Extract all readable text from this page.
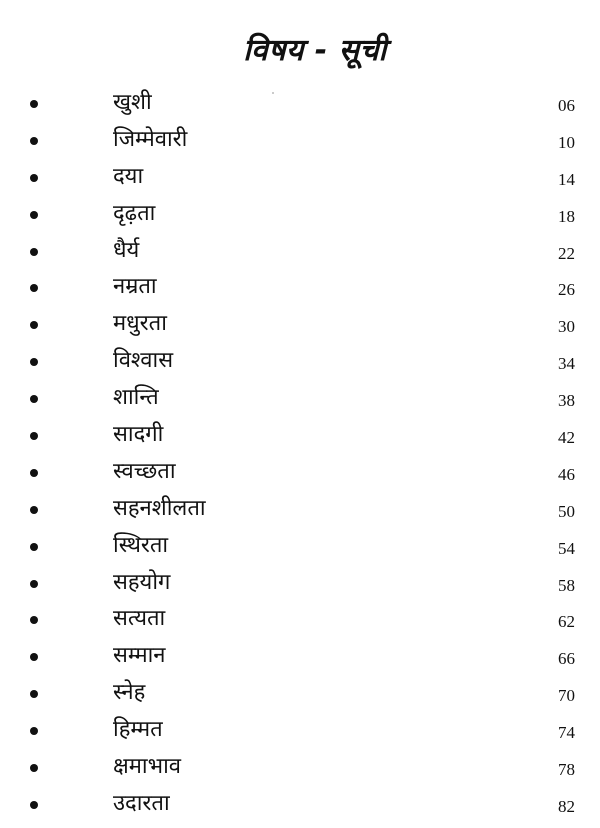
विषय - सूची
खुशी	06
जिम्मेवारी	10
दया	14
दृढ़ता	18
धैर्य	22
नम्रता	26
मधुरता	30
विश्वास	34
शान्ति	38
सादगी	42
स्वच्छता	46
सहनशीलता	50
स्थिरता	54
सहयोग	58
सत्यता	62
सम्मान	66
स्नेह	70
हिम्मत	74
क्षमाभाव	78
उदारता	82
